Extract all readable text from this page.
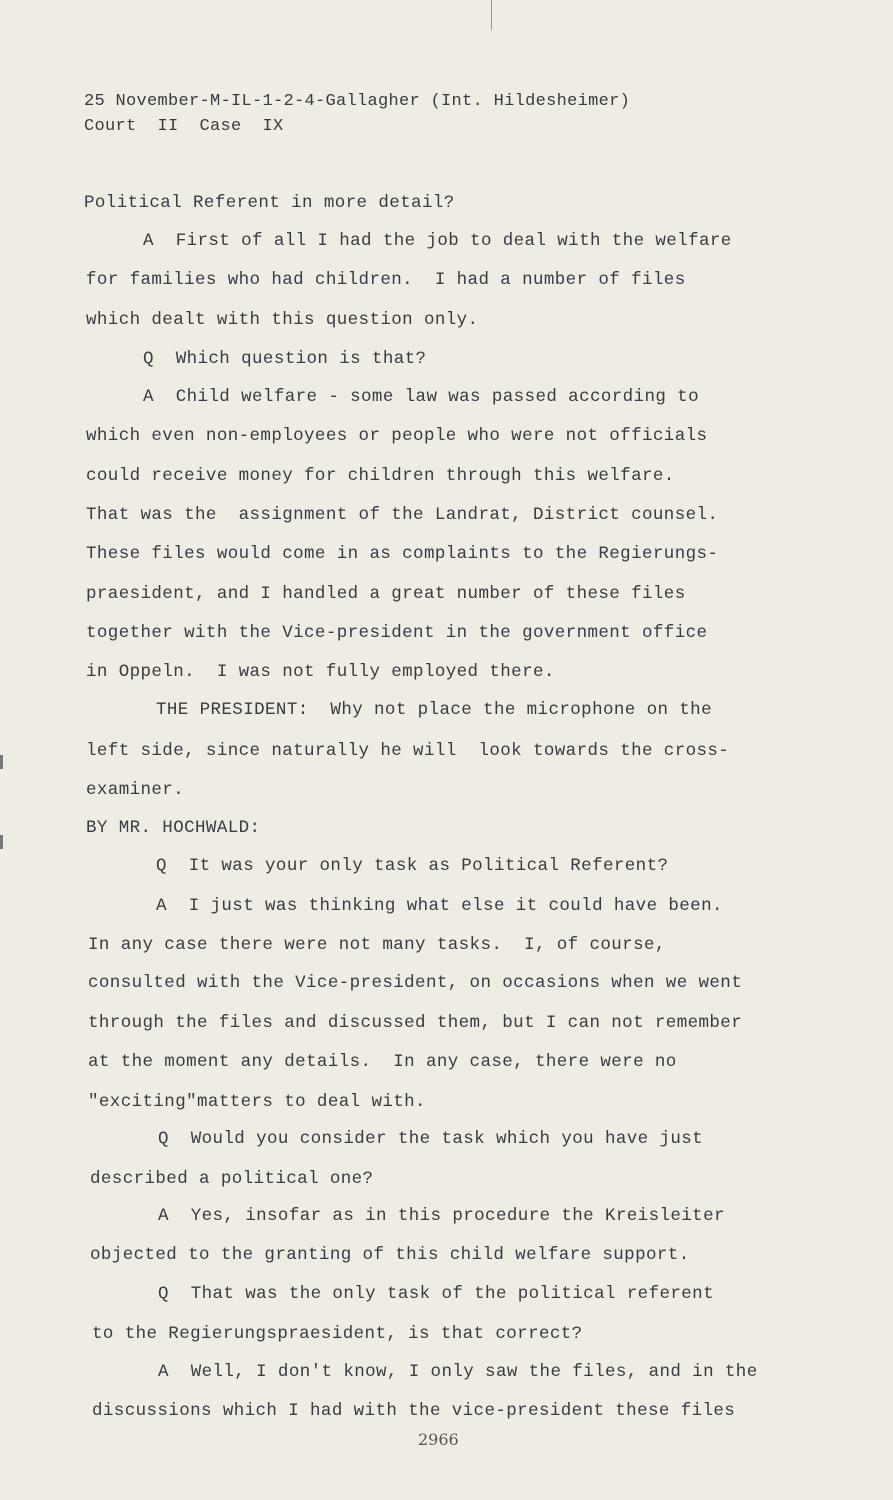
25 November-M-IL-1-2-4-Gallagher (Int. Hildesheimer)
Court  II  Case  IX
Political Referent in more detail?
A  First of all I had the job to deal with the welfare
for families who had children.  I had a number of files
which dealt with this question only.
Q  Which question is that?
A  Child welfare - some law was passed according to
which even non-employees or people who were not officials
could receive money for children through this welfare.
That was the  assignment of the Landrat, District counsel.
These files would come in as complaints to the Regierungs-
praesident, and I handled a great number of these files
together with the Vice-president in the government office
in Oppeln.  I was not fully employed there.
THE PRESIDENT:  Why not place the microphone on the
left side, since naturally he will  look towards the cross-
examiner.
BY MR. HOCHWALD:
Q  It was your only task as Political Referent?
A  I just was thinking what else it could have been.
In any case there were not many tasks.  I, of course,
consulted with the Vice-president, on occasions when we went
through the files and discussed them, but I can not remember
at the moment any details.  In any case, there were no
"exciting"matters to deal with.
Q  Would you consider the task which you have just
described a political one?
A  Yes, insofar as in this procedure the Kreisleiter
objected to the granting of this child welfare support.
Q  That was the only task of the political referent
to the Regierungspraesident, is that correct?
A  Well, I don't know, I only saw the files, and in the
discussions which I had with the vice-president these files
2966
